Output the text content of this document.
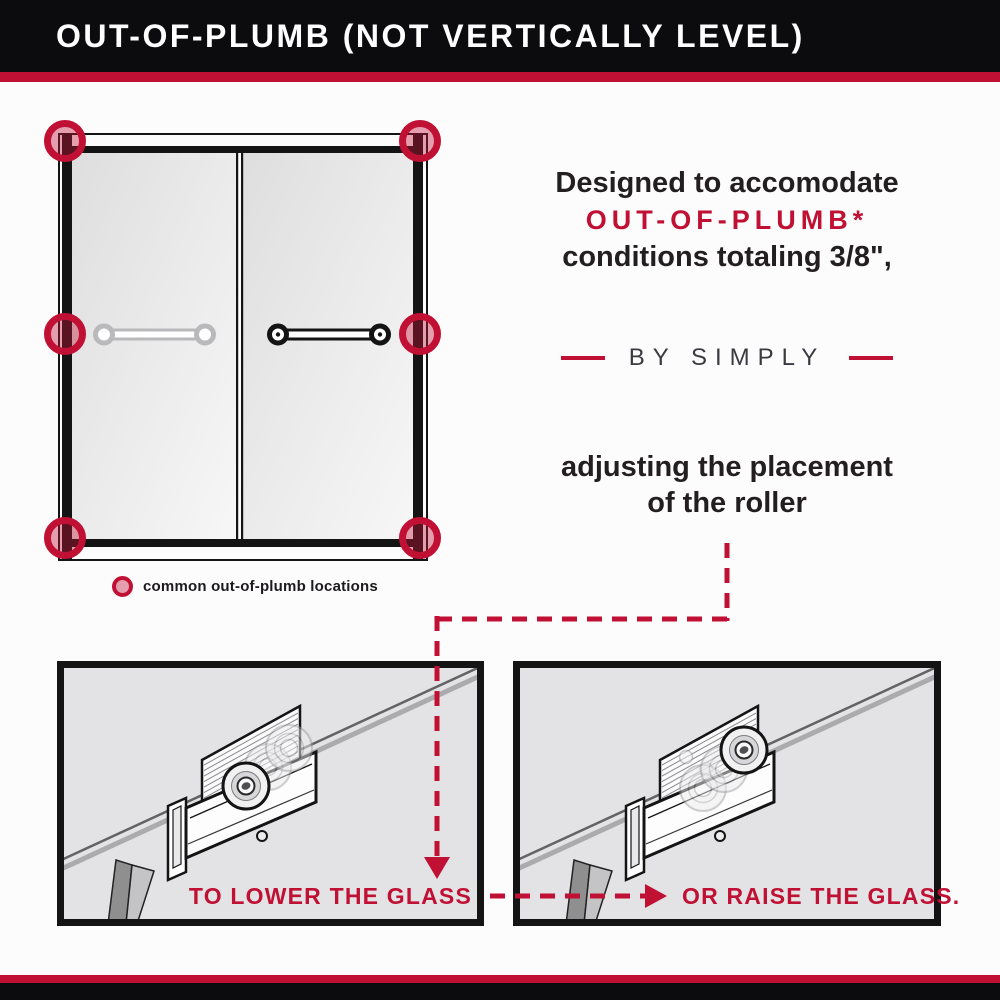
OUT-OF-PLUMB (NOT VERTICALLY LEVEL)
Designed to accomodate
OUT-OF-PLUMB*
conditions totaling 3/8",
BY SIMPLY
adjusting the placement
of the roller
common out-of-plumb locations
TO LOWER THE GLASS	OR RAISE THE GLASS.
